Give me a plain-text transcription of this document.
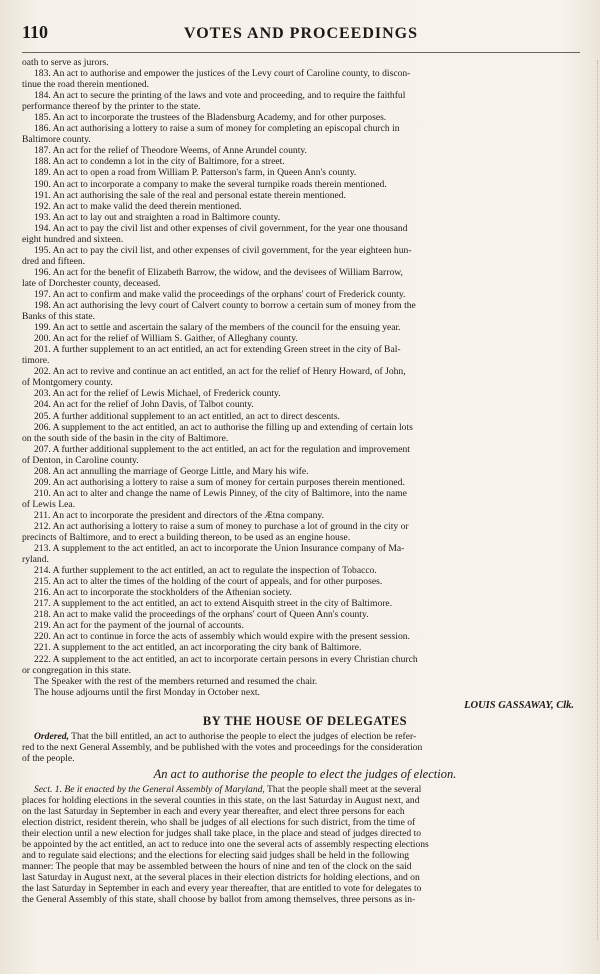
110	VOTES AND PROCEEDINGS
oath to serve as jurors.
183. An act to authorise and empower the justices of the Levy court of Caroline county, to discon-
tinue the road therein mentioned.
184. An act to secure the printing of the laws and vote and proceeding, and to require the faithful
performance thereof by the printer to the state.
185. An act to incorporate the trustees of the Bladensburg Academy, and for other purposes.
186. An act authorising a lottery to raise a sum of money for completing an episcopal church in
Baltimore county.
187. An act for the relief of Theodore Weems, of Anne Arundel county.
188. An act to condemn a lot in the city of Baltimore, for a street.
189. An act to open a road from William P. Patterson's farm, in Queen Ann's county.
190. An act to incorporate a company to make the several turnpike roads therein mentioned.
191. An act authorising the sale of the real and personal estate therein mentioned.
192. An act to make valid the deed therein mentioned.
193. An act to lay out and straighten a road in Baltimore county.
194. An act to pay the civil list and other expenses of civil government, for the year one thousand
eight hundred and sixteen.
195. An act to pay the civil list, and other expenses of civil government, for the year eighteen hun-
dred and fifteen.
196. An act for the benefit of Elizabeth Barrow, the widow, and the devisees of William Barrow,
late of Dorchester county, deceased.
197. An act to confirm and make valid the proceedings of the orphans' court of Frederick county.
198. An act authorising the levy court of Calvert county to borrow a certain sum of money from the
Banks of this state.
199. An act to settle and ascertain the salary of the members of the council for the ensuing year.
200. An act for the relief of William S. Gaither, of Alleghany county.
201. A further supplement to an act entitled, an act for extending Green street in the city of Bal-
timore.
202. An act to revive and continue an act entitled, an act for the relief of Henry Howard, of John,
of Montgomery county.
203. An act for the relief of Lewis Michael, of Frederick county.
204. An act for the relief of John Davis, of Talbot county.
205. A further additional supplement to an act entitled, an act to direct descents.
206. A supplement to the act entitled, an act to authorise the filling up and extending of certain lots
on the south side of the basin in the city of Baltimore.
207. A further additional supplement to the act entitled, an act for the regulation and improvement
of Denton, in Caroline county.
208. An act annulling the marriage of George Little, and Mary his wife.
209. An act authorising a lottery to raise a sum of money for certain purposes therein mentioned.
210. An act to alter and change the name of Lewis Pinney, of the city of Baltimore, into the name
of Lewis Lea.
211. An act to incorporate the president and directors of the Ætna company.
212. An act authorising a lottery to raise a sum of money to purchase a lot of ground in the city or
precincts of Baltimore, and to erect a building thereon, to be used as an engine house.
213. A supplement to the act entitled, an act to incorporate the Union Insurance company of Ma-
ryland.
214. A further supplement to the act entitled, an act to regulate the inspection of Tobacco.
215. An act to alter the times of the holding of the court of appeals, and for other purposes.
216. An act to incorporate the stockholders of the Athenian society.
217. A supplement to the act entitled, an act to extend Aisquith street in the city of Baltimore.
218. An act to make valid the proceedings of the orphans' court of Queen Ann's county.
219. An act for the payment of the journal of accounts.
220. An act to continue in force the acts of assembly which would expire with the present session.
221. A supplement to the act entitled, an act incorporating the city bank of Baltimore.
222. A supplement to the act entitled, an act to incorporate certain persons in every Christian church
or congregation in this state.
The Speaker with the rest of the members returned and resumed the chair.
The house adjourns until the first Monday in October next.
LOUIS GASSAWAY, Clk.
BY THE HOUSE OF DELEGATES
Ordered, That the bill entitled, an act to authorise the people to elect the judges of election be refer-
red to the next General Assembly, and be published with the votes and proceedings for the consideration
of the people.
An act to authorise the people to elect the judges of election.
Sect. 1. Be it enacted by the General Assembly of Maryland, That the people shall meet at the several
places for holding elections in the several counties in this state, on the last Saturday in August next, and
on the last Saturday in September in each and every year thereafter, and elect three persons for each
election district, resident therein, who shall be judges of all elections for such district, from the time of
their election until a new election for judges shall take place, in the place and stead of judges directed to
be appointed by the act entitled, an act to reduce into one the several acts of assembly respecting elections
and to regulate said elections; and the elections for electing said judges shall be held in the following
manner: The people that may be assembled between the hours of nine and ten of the clock on the said
last Saturday in August next, at the several places in their election districts for holding elections, and on
the last Saturday in September in each and every year thereafter, that are entitled to vote for delegates to
the General Assembly of this state, shall choose by ballot from among themselves, three persons as in-
